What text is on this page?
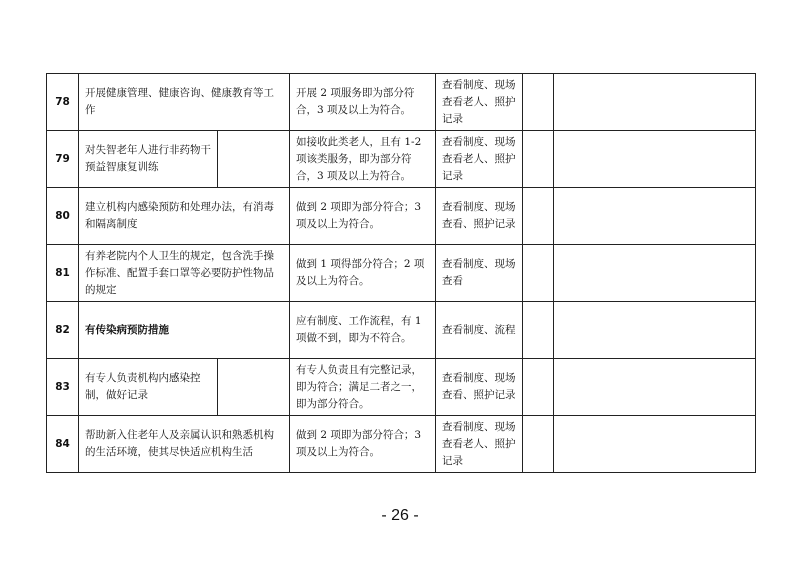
78	开展健康管理、健康咨询、健康教育等工作		开展 2 项服务即为部分符合，3 项及以上为符合。	查看制度、现场查看老人、照护记录		
79	对失智老年人进行非药物干预益智康复训练		如接收此类老人，且有 1-2 项该类服务，即为部分符合，3 项及以上为符合。	查看制度、现场查看老人、照护记录		
80	建立机构内感染预防和处理办法，有消毒和隔离制度		做到 2 项即为部分符合；3 项及以上为符合。	查看制度、现场查看、照护记录		
81	有养老院内个人卫生的规定，包含洗手操作标准、配置手套口罩等必要防护性物品的规定		做到 1 项得部分符合；2 项及以上为符合。	查看制度、现场查看		
82	有传染病预防措施		应有制度、工作流程，有 1 项做不到，即为不符合。	查看制度、流程		
83	有专人负责机构内感染控制，做好记录		有专人负责且有完整记录，即为符合；满足二者之一，即为部分符合。	查看制度、现场查看、照护记录		
84	帮助新入住老年人及亲属认识和熟悉机构的生活环境，使其尽快适应机构生活		做到 2 项即为部分符合；3 项及以上为符合。	查看制度、现场查看老人、照护记录		
- 26 -
